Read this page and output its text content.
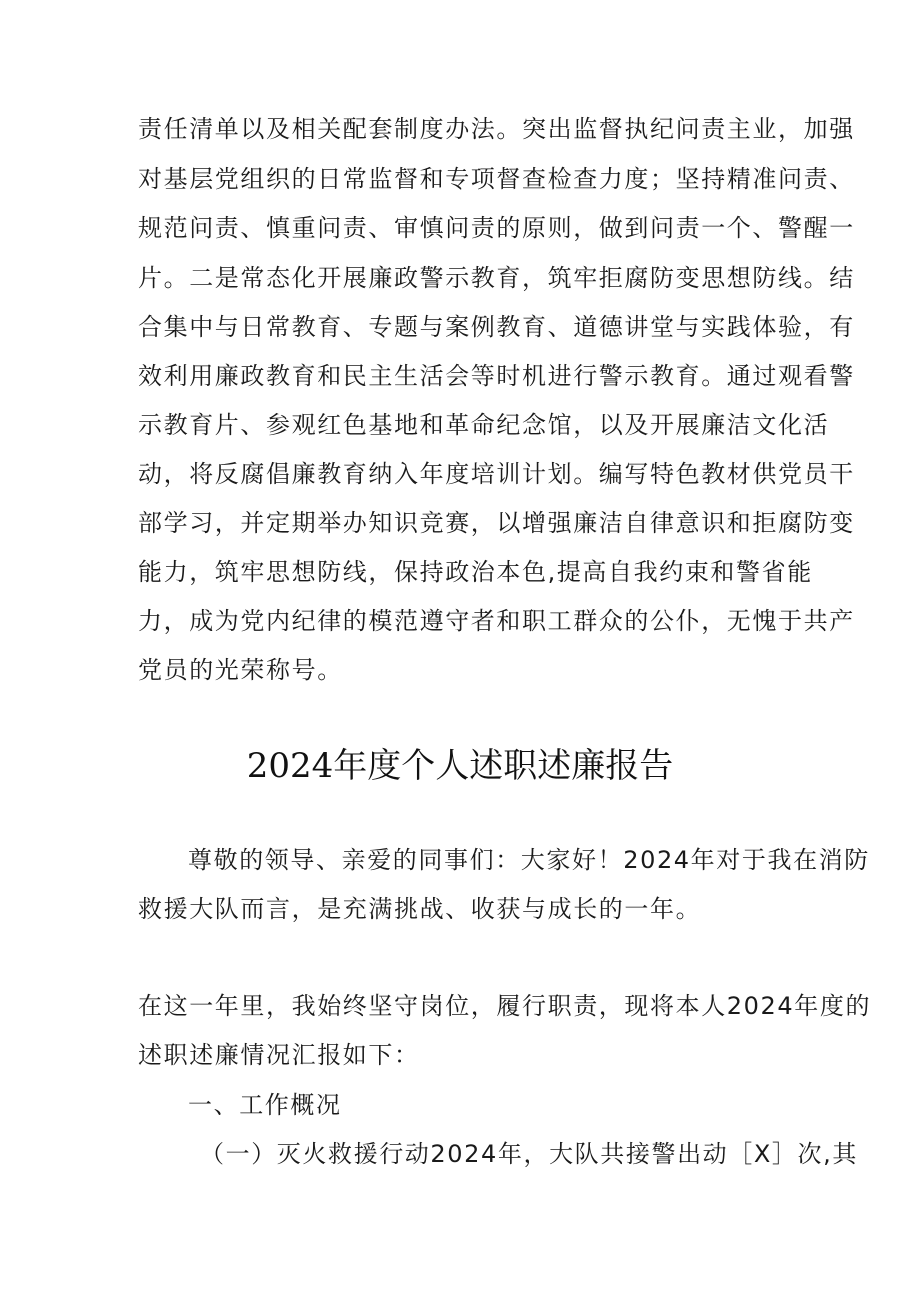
责任清单以及相关配套制度办法。突出监督执纪问责主业，加强

对基层党组织的日常监督和专项督查检查力度；坚持精准问责、

规范问责、慎重问责、审慎问责的原则，做到问责一个、警醒一

片。二是常态化开展廉政警示教育，筑牢拒腐防变思想防线。结

合集中与日常教育、专题与案例教育、道德讲堂与实践体验，有

效利用廉政教育和民主生活会等时机进行警示教育。通过观看警

示教育片、参观红色基地和革命纪念馆，以及开展廉洁文化活

动，将反腐倡廉教育纳入年度培训计划。编写特色教材供党员干

部学习，并定期举办知识竞赛，以增强廉洁自律意识和拒腐防变

能力，筑牢思想防线，保持政治本色,提高自我约束和警省能

力，成为党内纪律的模范遵守者和职工群众的公仆，无愧于共产

党员的光荣称号。

2024年度个人述职述廉报告

尊敬的领导、亲爱的同事们：大家好！2024年对于我在消防

救援大队而言，是充满挑战、收获与成长的一年。

在这一年里，我始终坚守岗位，履行职责，现将本人2024年度的

述职述廉情况汇报如下：

一、工作概况

（一）灭火救援行动2024年，大队共接警出动［X］次,其
